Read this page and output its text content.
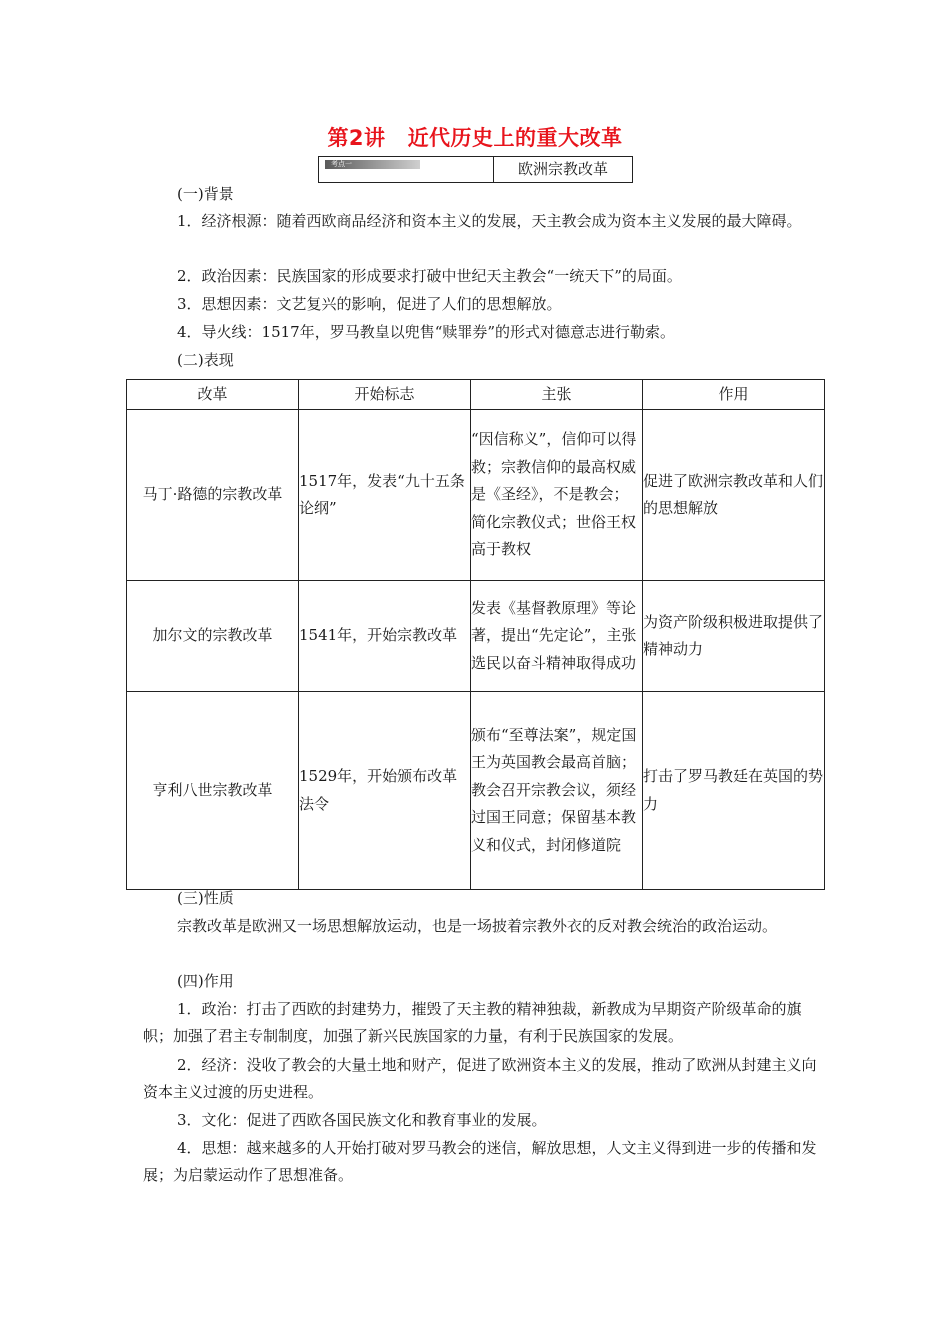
第2讲 近代历史上的重大改革
考点一	欧洲宗教改革

(一)背景

1．经济根源：随着西欧商品经济和资本主义的发展，天主教会成为资本主义发展的最大障碍。

2．政治因素：民族国家的形成要求打破中世纪天主教会“一统天下”的局面。

3．思想因素：文艺复兴的影响，促进了人们的思想解放。

4．导火线：1517年，罗马教皇以兜售“赎罪券”的形式对德意志进行勒索。

(二)表现

改革	开始标志	主张	作用
马丁·路德的宗教改革	1517年，发表“九十五条论纲”	“因信称义”，信仰可以得救；宗教信仰的最高权威是《圣经》，不是教会；简化宗教仪式；世俗王权高于教权	促进了欧洲宗教改革和人们的思想解放
加尔文的宗教改革	1541年，开始宗教改革	发表《基督教原理》等论著，提出“先定论”，主张选民以奋斗精神取得成功	为资产阶级积极进取提供了精神动力
亨利八世宗教改革	1529年，开始颁布改革法令	颁布“至尊法案”，规定国王为英国教会最高首脑；教会召开宗教会议，须经过国王同意；保留基本教义和仪式，封闭修道院	打击了罗马教廷在英国的势力

(三)性质

宗教改革是欧洲又一场思想解放运动，也是一场披着宗教外衣的反对教会统治的政治运动。

(四)作用

1．政治：打击了西欧的封建势力，摧毁了天主教的精神独裁，新教成为早期资产阶级革命的旗帜；加强了君主专制制度，加强了新兴民族国家的力量，有利于民族国家的发展。

2．经济：没收了教会的大量土地和财产，促进了欧洲资本主义的发展，推动了欧洲从封建主义向资本主义过渡的历史进程。

3．文化：促进了西欧各国民族文化和教育事业的发展。

4．思想：越来越多的人开始打破对罗马教会的迷信，解放思想，人文主义得到进一步的传播和发展；为启蒙运动作了思想准备。
